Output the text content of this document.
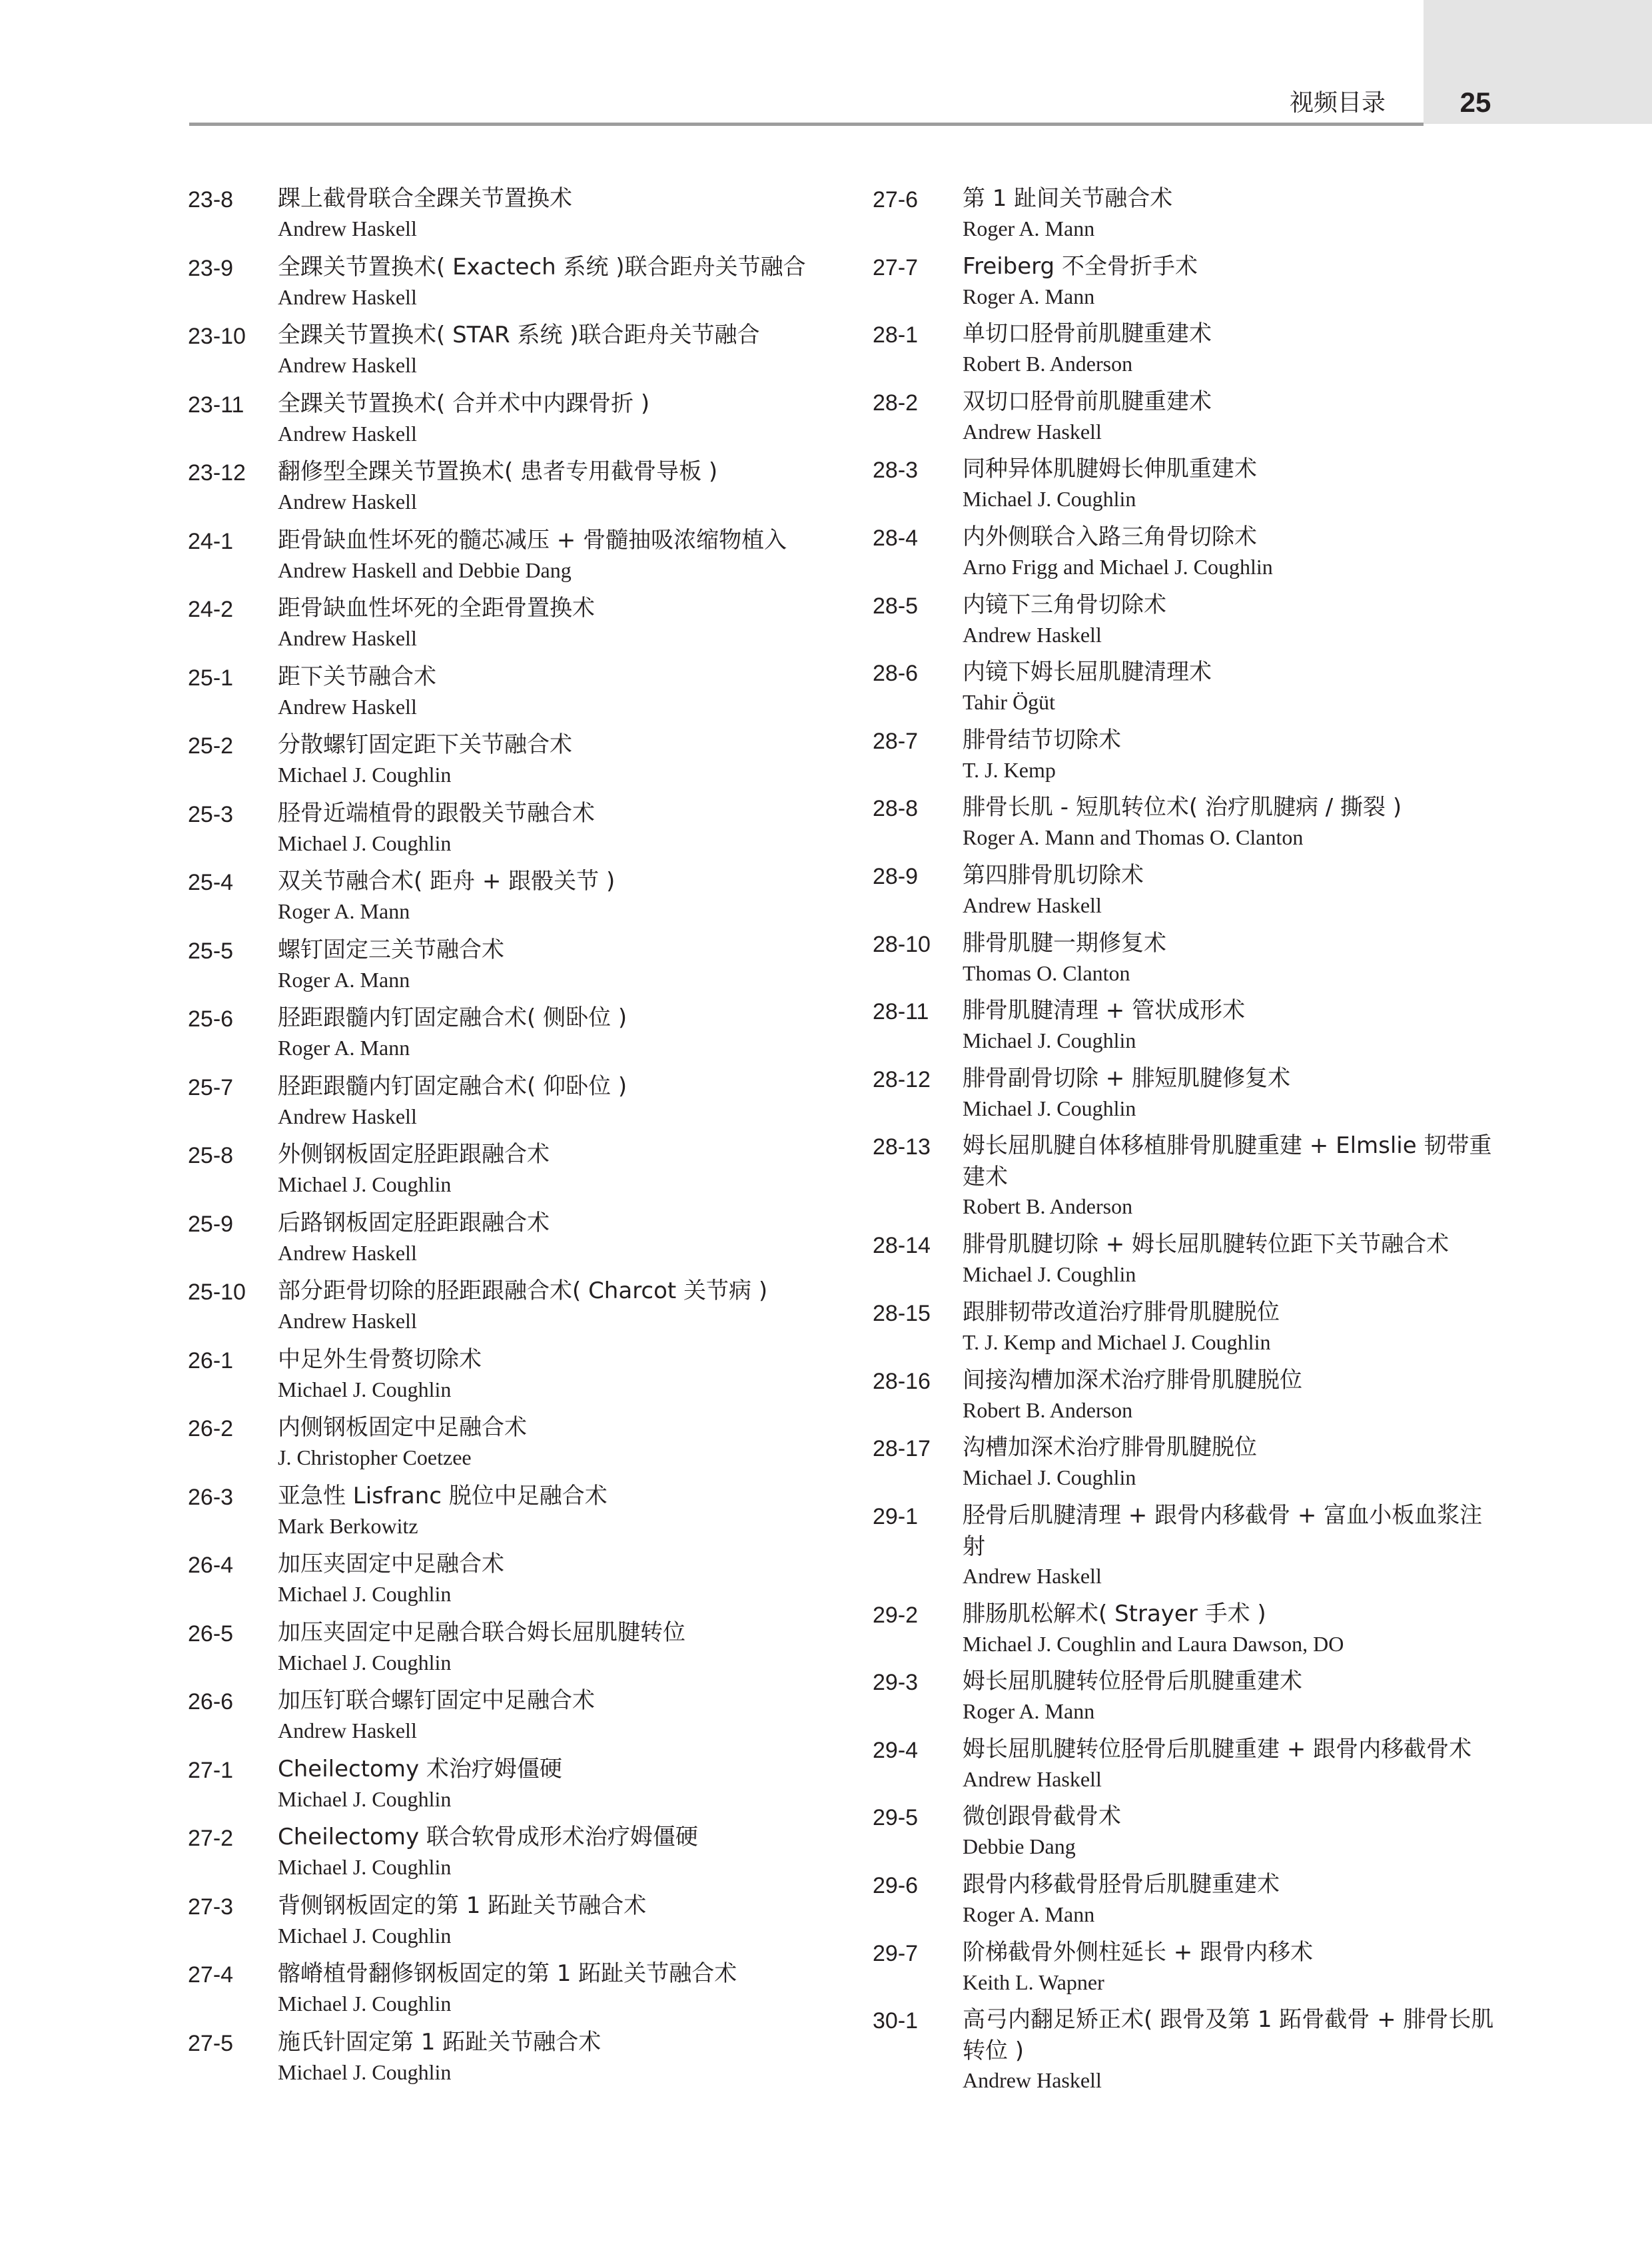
视频目录	25
23-8 踝上截骨联合全踝关节置换术
Andrew Haskell
23-9 全踝关节置换术( Exactech 系统 )联合距舟关节融合
Andrew Haskell
23-10 全踝关节置换术( STAR 系统 )联合距舟关节融合
Andrew Haskell
23-11 全踝关节置换术( 合并术中内踝骨折 )
Andrew Haskell
23-12 翻修型全踝关节置换术( 患者专用截骨导板 )
Andrew Haskell
24-1 距骨缺血性坏死的髓芯减压 + 骨髓抽吸浓缩物植入
Andrew Haskell and Debbie Dang
24-2 距骨缺血性坏死的全距骨置换术
Andrew Haskell
25-1 距下关节融合术
Andrew Haskell
25-2 分散螺钉固定距下关节融合术
Michael J. Coughlin
25-3 胫骨近端植骨的跟骰关节融合术
Michael J. Coughlin
25-4 双关节融合术( 距舟 + 跟骰关节 )
Roger A. Mann
25-5 螺钉固定三关节融合术
Roger A. Mann
25-6 胫距跟髓内钉固定融合术( 侧卧位 )
Roger A. Mann
25-7 胫距跟髓内钉固定融合术( 仰卧位 )
Andrew Haskell
25-8 外侧钢板固定胫距跟融合术
Michael J. Coughlin
25-9 后路钢板固定胫距跟融合术
Andrew Haskell
25-10 部分距骨切除的胫距跟融合术( Charcot 关节病 )
Andrew Haskell
26-1 中足外生骨赘切除术
Michael J. Coughlin
26-2 内侧钢板固定中足融合术
J. Christopher Coetzee
26-3 亚急性 Lisfranc 脱位中足融合术
Mark Berkowitz
26-4 加压夹固定中足融合术
Michael J. Coughlin
26-5 加压夹固定中足融合联合姆长屈肌腱转位
Michael J. Coughlin
26-6 加压钉联合螺钉固定中足融合术
Andrew Haskell
27-1 Cheilectomy 术治疗姆僵硬
Michael J. Coughlin
27-2 Cheilectomy 联合软骨成形术治疗姆僵硬
Michael J. Coughlin
27-3 背侧钢板固定的第 1 跖趾关节融合术
Michael J. Coughlin
27-4 髂嵴植骨翻修钢板固定的第 1 跖趾关节融合术
Michael J. Coughlin
27-5 施氏针固定第 1 跖趾关节融合术
Michael J. Coughlin
27-6 第 1 趾间关节融合术
Roger A. Mann
27-7 Freiberg 不全骨折手术
Roger A. Mann
28-1 单切口胫骨前肌腱重建术
Robert B. Anderson
28-2 双切口胫骨前肌腱重建术
Andrew Haskell
28-3 同种异体肌腱姆长伸肌重建术
Michael J. Coughlin
28-4 内外侧联合入路三角骨切除术
Arno Frigg and Michael J. Coughlin
28-5 内镜下三角骨切除术
Andrew Haskell
28-6 内镜下姆长屈肌腱清理术
Tahir Ögüt
28-7 腓骨结节切除术
T. J. Kemp
28-8 腓骨长肌 - 短肌转位术( 治疗肌腱病 / 撕裂 )
Roger A. Mann and Thomas O. Clanton
28-9 第四腓骨肌切除术
Andrew Haskell
28-10 腓骨肌腱一期修复术
Thomas O. Clanton
28-11 腓骨肌腱清理 + 管状成形术
Michael J. Coughlin
28-12 腓骨副骨切除 + 腓短肌腱修复术
Michael J. Coughlin
28-13 姆长屈肌腱自体移植腓骨肌腱重建 + Elmslie 韧带重建术
Robert B. Anderson
28-14 腓骨肌腱切除 + 姆长屈肌腱转位距下关节融合术
Michael J. Coughlin
28-15 跟腓韧带改道治疗腓骨肌腱脱位
T. J. Kemp and Michael J. Coughlin
28-16 间接沟槽加深术治疗腓骨肌腱脱位
Robert B. Anderson
28-17 沟槽加深术治疗腓骨肌腱脱位
Michael J. Coughlin
29-1 胫骨后肌腱清理 + 跟骨内移截骨 + 富血小板血浆注射
Andrew Haskell
29-2 腓肠肌松解术( Strayer 手术 )
Michael J. Coughlin and Laura Dawson, DO
29-3 姆长屈肌腱转位胫骨后肌腱重建术
Roger A. Mann
29-4 姆长屈肌腱转位胫骨后肌腱重建 + 跟骨内移截骨术
Andrew Haskell
29-5 微创跟骨截骨术
Debbie Dang
29-6 跟骨内移截骨胫骨后肌腱重建术
Roger A. Mann
29-7 阶梯截骨外侧柱延长 + 跟骨内移术
Keith L. Wapner
30-1 高弓内翻足矫正术( 跟骨及第 1 跖骨截骨 + 腓骨长肌转位 )
Andrew Haskell
